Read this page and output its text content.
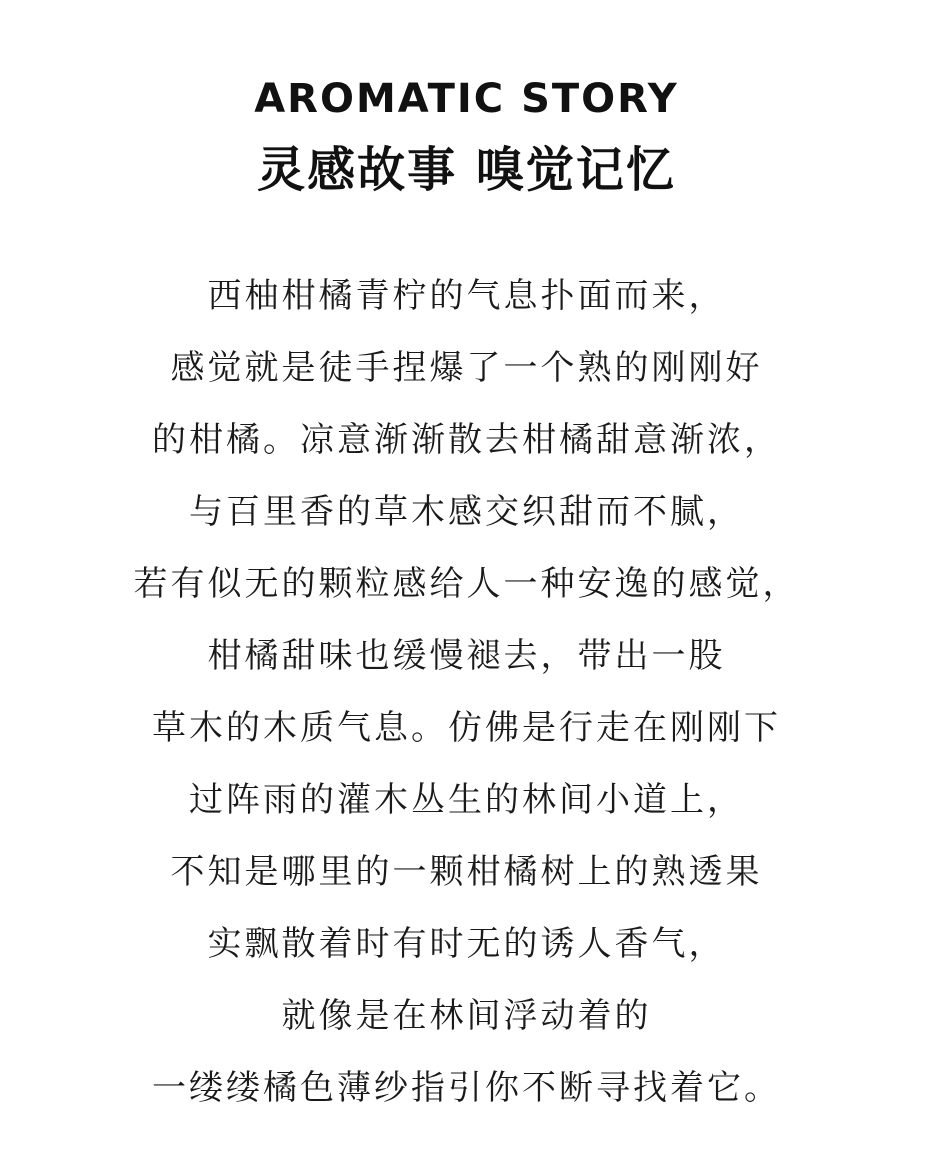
AROMATIC STORY
灵感故事 嗅觉记忆
西柚柑橘青柠的气息扑面而来，
感觉就是徒手捏爆了一个熟的刚刚好
的柑橘。凉意渐渐散去柑橘甜意渐浓，
与百里香的草木感交织甜而不腻，
若有似无的颗粒感给人一种安逸的感觉，
柑橘甜味也缓慢褪去，带出一股
草木的木质气息。仿佛是行走在刚刚下
过阵雨的灌木丛生的林间小道上，
不知是哪里的一颗柑橘树上的熟透果
实飘散着时有时无的诱人香气，
就像是在林间浮动着的
一缕缕橘色薄纱指引你不断寻找着它。
